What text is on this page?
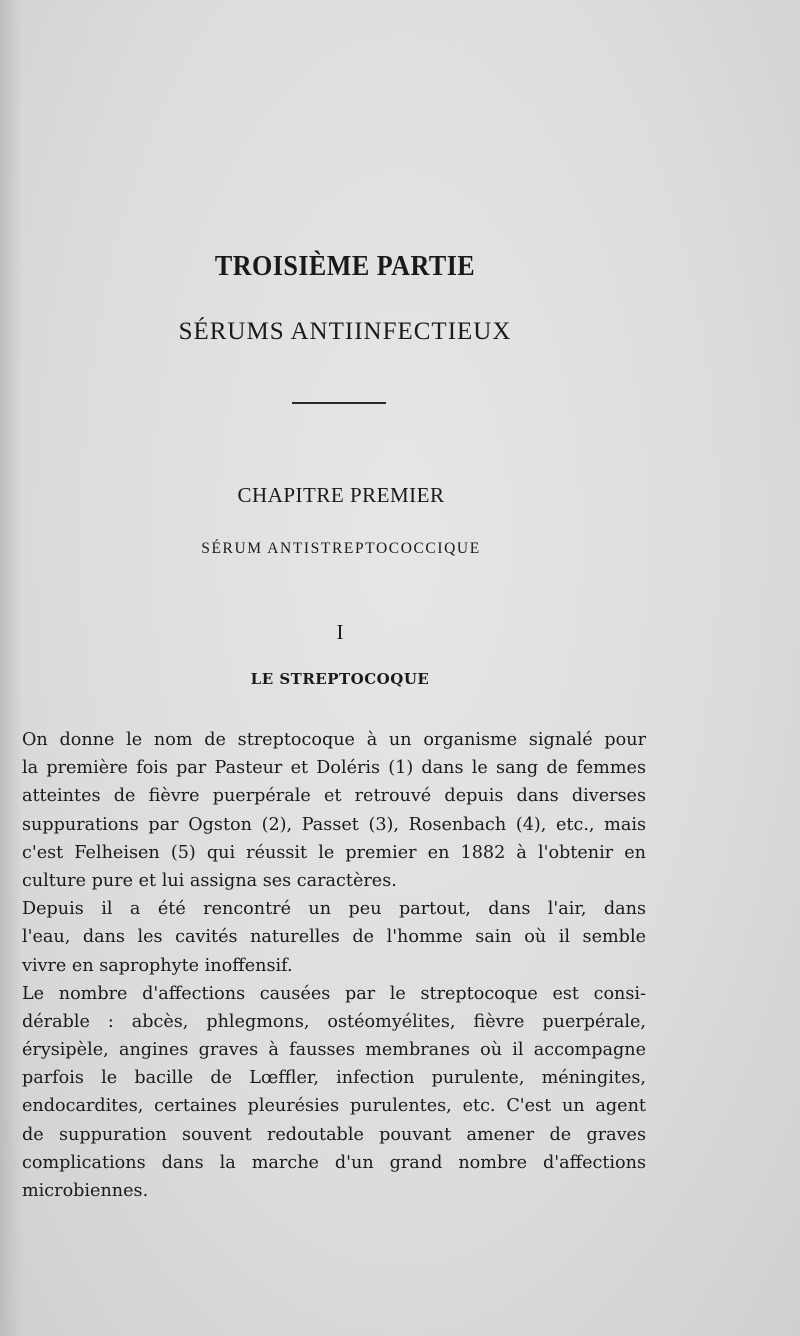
TROISIÈME PARTIE
SÉRUMS ANTIINFECTIEUX
CHAPITRE PREMIER
SÉRUM ANTISTREPTOCOCCIQUE
I
LE STREPTOCOQUE
On donne le nom de streptocoque à un organisme signalé pour
la première fois par Pasteur et Doléris (1) dans le sang de femmes
atteintes de fièvre puerpérale et retrouvé depuis dans diverses
suppurations par Ogston (2), Passet (3), Rosenbach (4), etc., mais
c'est Felheisen (5) qui réussit le premier en 1882 à l'obtenir en
culture pure et lui assigna ses caractères.
Depuis il a été rencontré un peu partout, dans l'air, dans
l'eau, dans les cavités naturelles de l'homme sain où il semble
vivre en saprophyte inoffensif.
Le nombre d'affections causées par le streptocoque est consi-
dérable : abcès, phlegmons, ostéomyélites, fièvre puerpérale,
érysipèle, angines graves à fausses membranes où il accompagne
parfois le bacille de Lœffler, infection purulente, méningites,
endocardites, certaines pleurésies purulentes, etc. C'est un agent
de suppuration souvent redoutable pouvant amener de graves
complications dans la marche d'un grand nombre d'affections
microbiennes.
